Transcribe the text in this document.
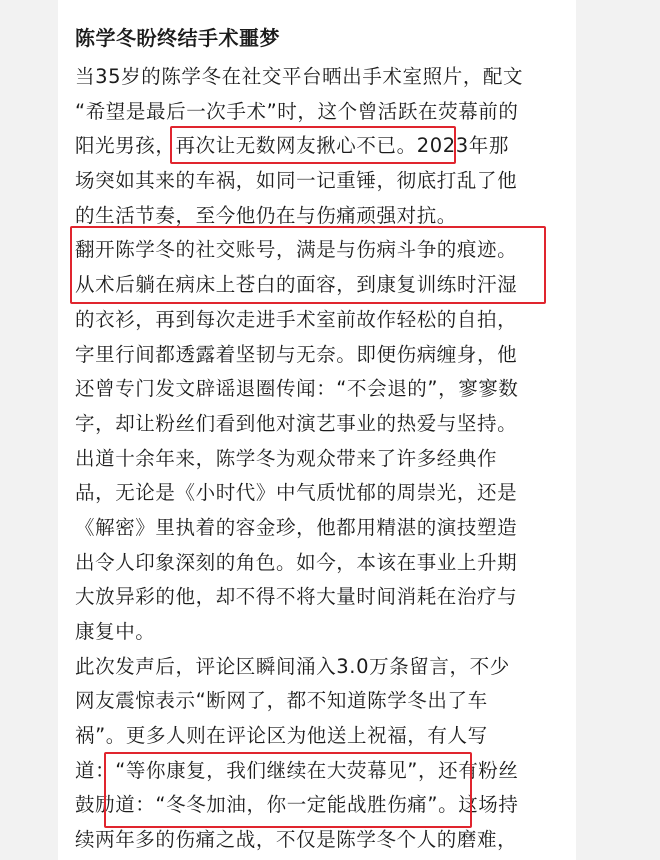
陈学冬盼终结手术噩梦
当35岁的陈学冬在社交平台晒出手术室照片，配文
“希望是最后一次手术”时，这个曾活跃在荧幕前的
阳光男孩，再次让无数网友揪心不已。2023年那
场突如其来的车祸，如同一记重锤，彻底打乱了他
的生活节奏，至今他仍在与伤痛顽强对抗。
翻开陈学冬的社交账号，满是与伤病斗争的痕迹。
从术后躺在病床上苍白的面容，到康复训练时汗湿
的衣衫，再到每次走进手术室前故作轻松的自拍，
字里行间都透露着坚韧与无奈。即便伤病缠身，他
还曾专门发文辟谣退圈传闻：“不会退的”，寥寥数
字，却让粉丝们看到他对演艺事业的热爱与坚持。
出道十余年来，陈学冬为观众带来了许多经典作
品，无论是《小时代》中气质忧郁的周崇光，还是
《解密》里执着的容金珍，他都用精湛的演技塑造
出令人印象深刻的角色。如今，本该在事业上升期
大放异彩的他，却不得不将大量时间消耗在治疗与
康复中。
此次发声后，评论区瞬间涌入3.0万条留言，不少
网友震惊表示“断网了，都不知道陈学冬出了车
祸”。更多人则在评论区为他送上祝福，有人写
道：“等你康复，我们继续在大荧幕见”，还有粉丝
鼓励道：“冬冬加油，你一定能战胜伤痛”。这场持
续两年多的伤痛之战，不仅是陈学冬个人的磨难，
